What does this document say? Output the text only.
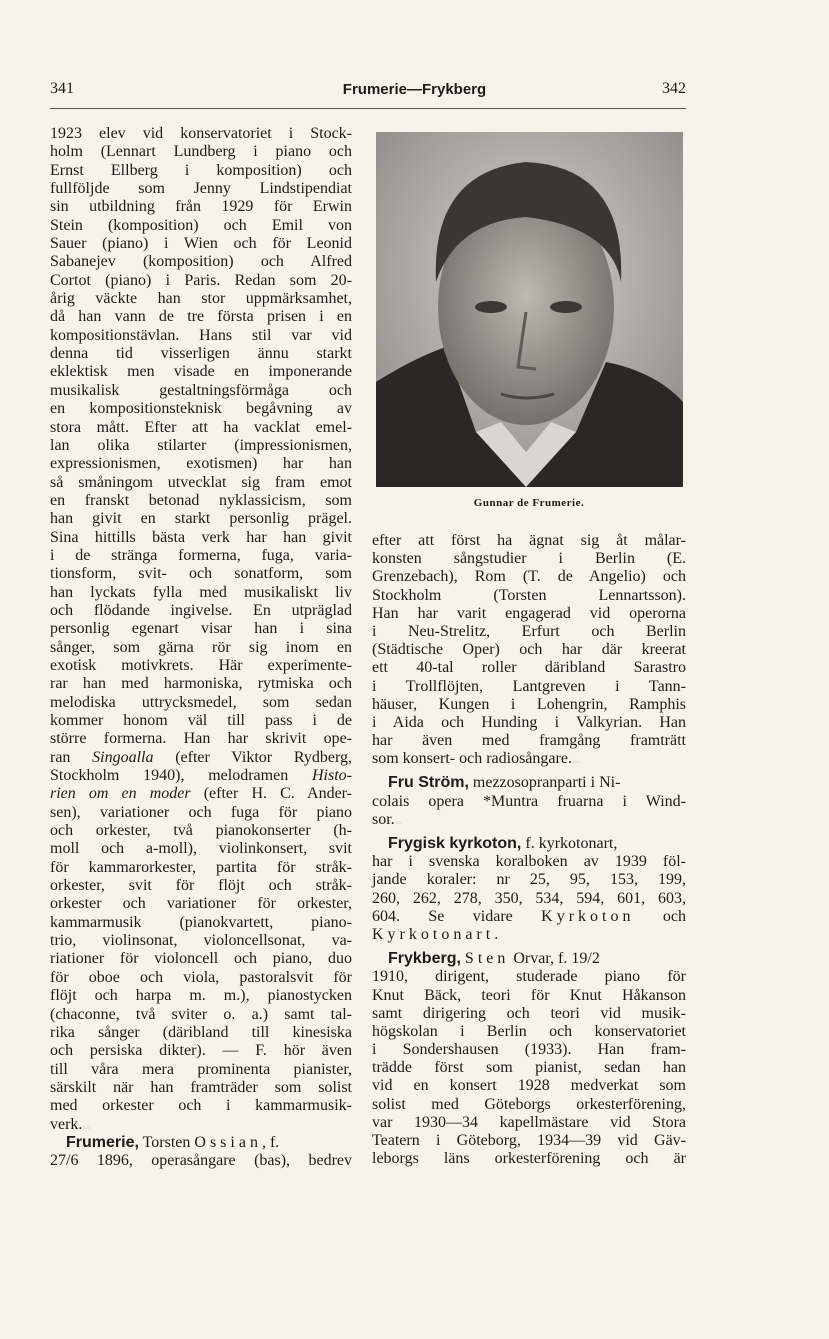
341	Frumerie—Frykberg	342
1923 elev vid konservatoriet i Stock-
holm (Lennart Lundberg i piano och
Ernst Ellberg i komposition) och
fullföljde som Jenny Lindstipendiat
sin utbildning från 1929 för Erwin
Stein (komposition) och Emil von
Sauer (piano) i Wien och för Leonid
Sabanejev (komposition) och Alfred
Cortot (piano) i Paris. Redan som 20-
årig väckte han stor uppmärksamhet,
då han vann de tre första prisen i en
kompositionstävlan. Hans stil var vid
denna tid visserligen ännu starkt
eklektisk men visade en imponerande
musikalisk gestaltningsförmåga och
en kompositionsteknisk begåvning av
stora mått. Efter att ha vacklat emel-
lan olika stilarter (impressionismen,
expressionismen, exotismen) har han
så småningom utvecklat sig fram emot
en franskt betonad nyklassicism, som
han givit en starkt personlig prägel.
Sina hittills bästa verk har han givit
i de stränga formerna, fuga, varia-
tionsform, svit- och sonatform, som
han lyckats fylla med musikaliskt liv
och flödande ingivelse. En utpräglad
personlig egenart visar han i sina
sånger, som gärna rör sig inom en
exotisk motivkrets. Här experimente-
rar han med harmoniska, rytmiska och
melodiska uttrycksmedel, som sedan
kommer honom väl till pass i de
större formerna. Han har skrivit ope-
ran Singoalla (efter Viktor Rydberg,
Stockholm 1940), melodramen Histo-
rien om en moder (efter H. C. Ander-
sen), variationer och fuga för piano
och orkester, två pianokonserter (h-
moll och a-moll), violinkonsert, svit
för kammarorkester, partita för stråk-
orkester, svit för flöjt och stråk-
orkester och variationer för orkester,
kammarmusik (pianokvartett, piano-
trio, violinsonat, violoncellsonat, va-
riationer för violoncell och piano, duo
för oboe och viola, pastoralsvit för
flöjt och harpa m. m.), pianostycken
(chaconne, två sviter o. a.) samt tal-
rika sånger (däribland till kinesiska
och persiska dikter). — F. hör även
till våra mera prominenta pianister,
särskilt när han framträder som solist
med orkester och i kammarmusik-
verk.|last
Frumerie, Torsten Ossian, f.
27/6 1896, operasångare (bas), bedrev
Gunnar de Frumerie.
efter att först ha ägnat sig åt målar-
konsten sångstudier i Berlin (E.
Grenzebach), Rom (T. de Angelio) och
Stockholm (Torsten Lennartsson).
Han har varit engagerad vid operorna
i Neu-Strelitz, Erfurt och Berlin
(Städtische Oper) och har där kreerat
ett 40-tal roller däribland Sarastro
i Trollflöjten, Lantgreven i Tann-
häuser, Kungen i Lohengrin, Ramphis
i Aida och Hunding i Valkyrian. Han
har även med framgång framträtt
som konsert- och radiosångare.|last
Fru Ström, mezzosopranparti i Ni-
colais opera *Muntra fruarna i Wind-
sor.|last
Frygisk kyrkoton, f. kyrkotonart,
har i svenska koralboken av 1939 föl-
jande koraler: nr 25, 95, 153, 199,
260, 262, 278, 350, 534, 594, 601, 603,
604. Se vidare Kyrkoton och
Kyrkotonart.
Frykberg, Sten Orvar, f. 19/2
1910, dirigent, studerade piano för
Knut Bäck, teori för Knut Håkanson
samt dirigering och teori vid musik-
högskolan i Berlin och konservatoriet
i Sondershausen (1933). Han fram-
trädde först som pianist, sedan han
vid en konsert 1928 medverkat som
solist med Göteborgs orkesterförening,
var 1930—34 kapellmästare vid Stora
Teatern i Göteborg, 1934—39 vid Gäv-
leborgs läns orkesterförening och är
